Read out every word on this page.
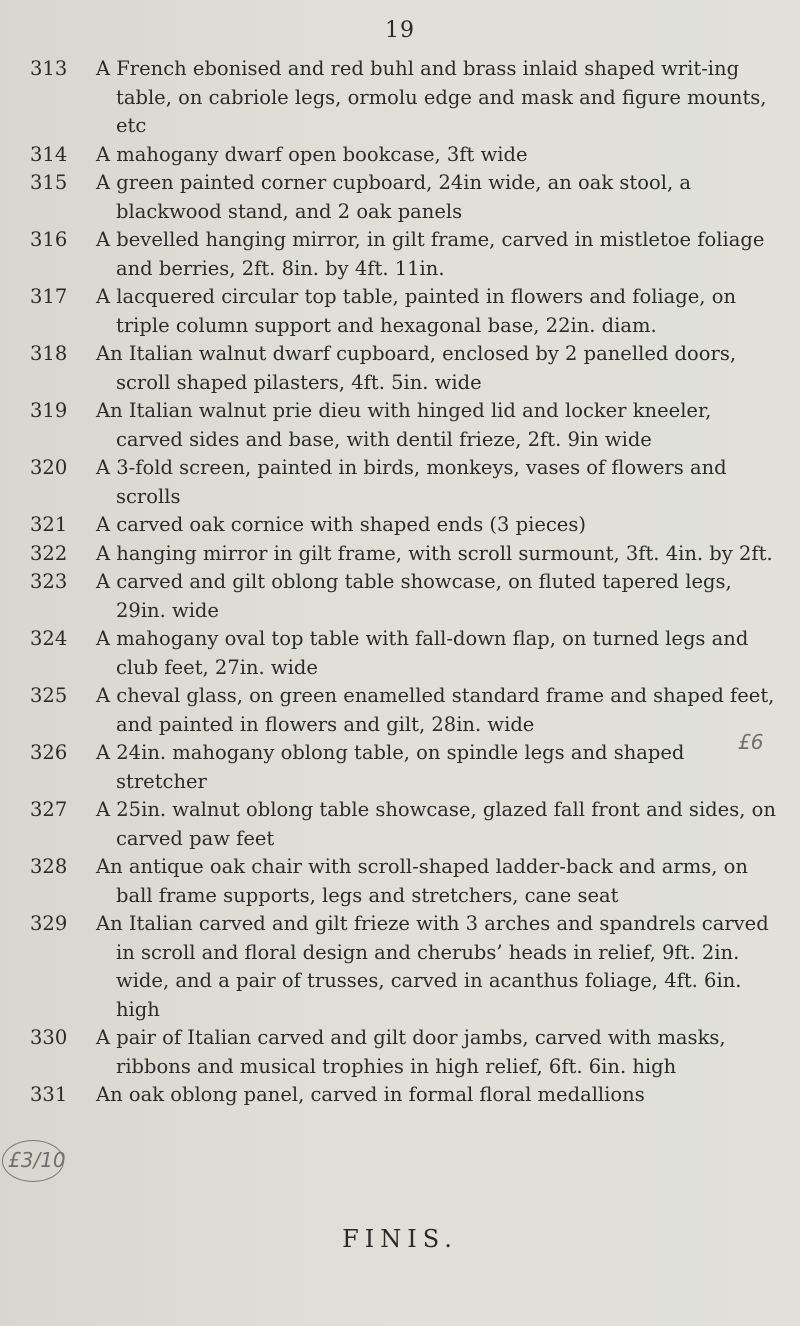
19
313	A French ebonised and red buhl and brass inlaid shaped writ-ing table, on cabriole legs, ormolu edge and mask and figure mounts, etc
314	A mahogany dwarf open bookcase, 3ft wide
315	A green painted corner cupboard, 24in wide, an oak stool, a blackwood stand, and 2 oak panels
316	A bevelled hanging mirror, in gilt frame, carved in mistletoe foliage and berries, 2ft. 8in. by 4ft. 11in.
317	A lacquered circular top table, painted in flowers and foliage, on triple column support and hexagonal base, 22in. diam.
318	An Italian walnut dwarf cupboard, enclosed by 2 panelled doors, scroll shaped pilasters, 4ft. 5in. wide
319	An Italian walnut prie dieu with hinged lid and locker kneeler, carved sides and base, with dentil frieze, 2ft. 9in wide
320	A 3-fold screen, painted in birds, monkeys, vases of flowers and scrolls
321	A carved oak cornice with shaped ends (3 pieces)
322	A hanging mirror in gilt frame, with scroll surmount, 3ft. 4in. by 2ft.
323	A carved and gilt oblong table showcase, on fluted tapered legs, 29in. wide
324	A mahogany oval top table with fall-down flap, on turned legs and club feet, 27in. wide
325	A cheval glass, on green enamelled standard frame and shaped feet, and painted in flowers and gilt, 28in. wide
326	A 24in. mahogany oblong table, on spindle legs and shaped stretcher
327	A 25in. walnut oblong table showcase, glazed fall front and sides, on carved paw feet
328	An antique oak chair with scroll-shaped ladder-back and arms, on ball frame supports, legs and stretchers, cane seat
329	An Italian carved and gilt frieze with 3 arches and spandrels carved in scroll and floral design and cherubs’ heads in relief, 9ft. 2in. wide, and a pair of trusses, carved in acanthus foliage, 4ft. 6in. high
330	A pair of Italian carved and gilt door jambs, carved with masks, ribbons and musical trophies in high relief, 6ft. 6in. high
331	An oak oblong panel, carved in formal floral medallions
FINIS.
£3/10
£6
